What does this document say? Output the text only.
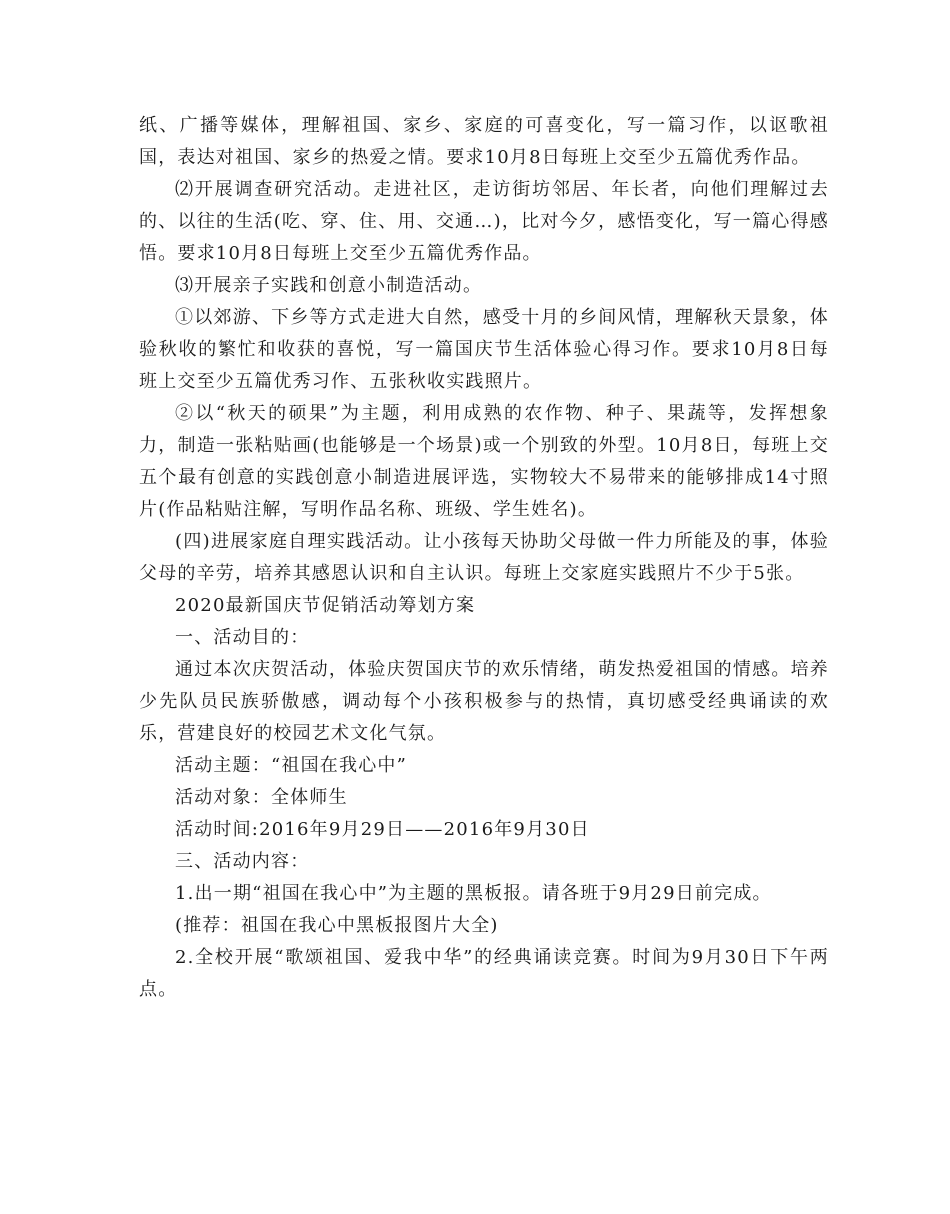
纸、广播等媒体，理解祖国、家乡、家庭的可喜变化，写一篇习作，以讴歌祖国，表达对祖国、家乡的热爱之情。要求10月8日每班上交至少五篇优秀作品。

⑵开展调查研究活动。走进社区，走访街坊邻居、年长者，向他们理解过去的、以往的生活(吃、穿、住、用、交通…)，比对今夕，感悟变化，写一篇心得感悟。要求10月8日每班上交至少五篇优秀作品。

⑶开展亲子实践和创意小制造活动。

①以郊游、下乡等方式走进大自然，感受十月的乡间风情，理解秋天景象，体验秋收的繁忙和收获的喜悦，写一篇国庆节生活体验心得习作。要求10月8日每班上交至少五篇优秀习作、五张秋收实践照片。

②以“秋天的硕果”为主题，利用成熟的农作物、种子、果蔬等，发挥想象力，制造一张粘贴画(也能够是一个场景)或一个别致的外型。10月8日，每班上交五个最有创意的实践创意小制造进展评选，实物较大不易带来的能够排成14寸照片(作品粘贴注解，写明作品名称、班级、学生姓名)。

(四)进展家庭自理实践活动。让小孩每天协助父母做一件力所能及的事，体验父母的辛劳，培养其感恩认识和自主认识。每班上交家庭实践照片不少于5张。

2020最新国庆节促销活动筹划方案

一、活动目的：

通过本次庆贺活动，体验庆贺国庆节的欢乐情绪，萌发热爱祖国的情感。培养少先队员民族骄傲感，调动每个小孩积极参与的热情，真切感受经典诵读的欢乐，营建良好的校园艺术文化气氛。

活动主题：“祖国在我心中”

活动对象：全体师生

活动时间:2016年9月29日——2016年9月30日

三、活动内容：

1.出一期“祖国在我心中”为主题的黑板报。请各班于9月29日前完成。

(推荐：祖国在我心中黑板报图片大全)

2.全校开展“歌颂祖国、爱我中华”的经典诵读竞赛。时间为9月30日下午两点。
